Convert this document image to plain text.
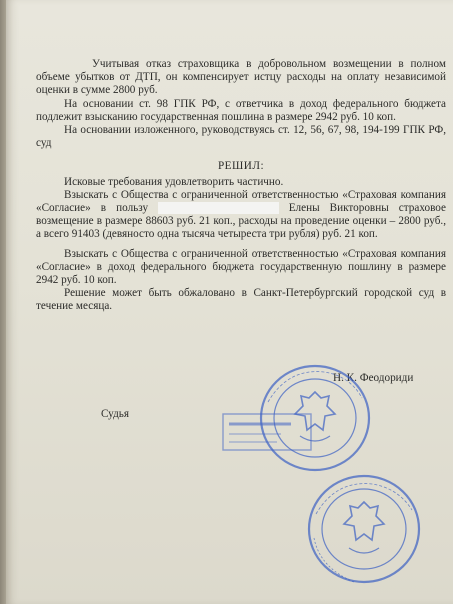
Учитывая отказ страховщика в добровольном возмещении в полном объеме убытков от ДТП, он компенсирует истцу расходы на оплату независимой оценки в сумме 2800 руб.

На основании ст. 98 ГПК РФ, с ответчика в доход федерального бюджета подлежит взысканию государственная пошлина в размере 2942 руб. 10 коп.

На основании изложенного, руководствуясь ст. 12, 56, 67, 98, 194-199 ГПК РФ, суд

РЕШИЛ:

Исковые требования удовлетворить частично.

Взыскать с Общества с ограниченной ответственностью «Страховая компания «Согласие» в пользу	Елены Викторовны страховое возмещение в размере 88603 руб. 21 коп., расходы на проведение оценки – 2800 руб., а всего 91403 (девяносто одна тысяча четыреста три рубля) руб. 21 коп.

Взыскать с Общества с ограниченной ответственностью «Страховая компания «Согласие» в доход федерального бюджета государственную пошлину в размере 2942 руб. 10 коп.

Решение может быть обжаловано в Санкт-Петербургский городской суд в течение месяца.

Н. К. Феодориди
Судья
